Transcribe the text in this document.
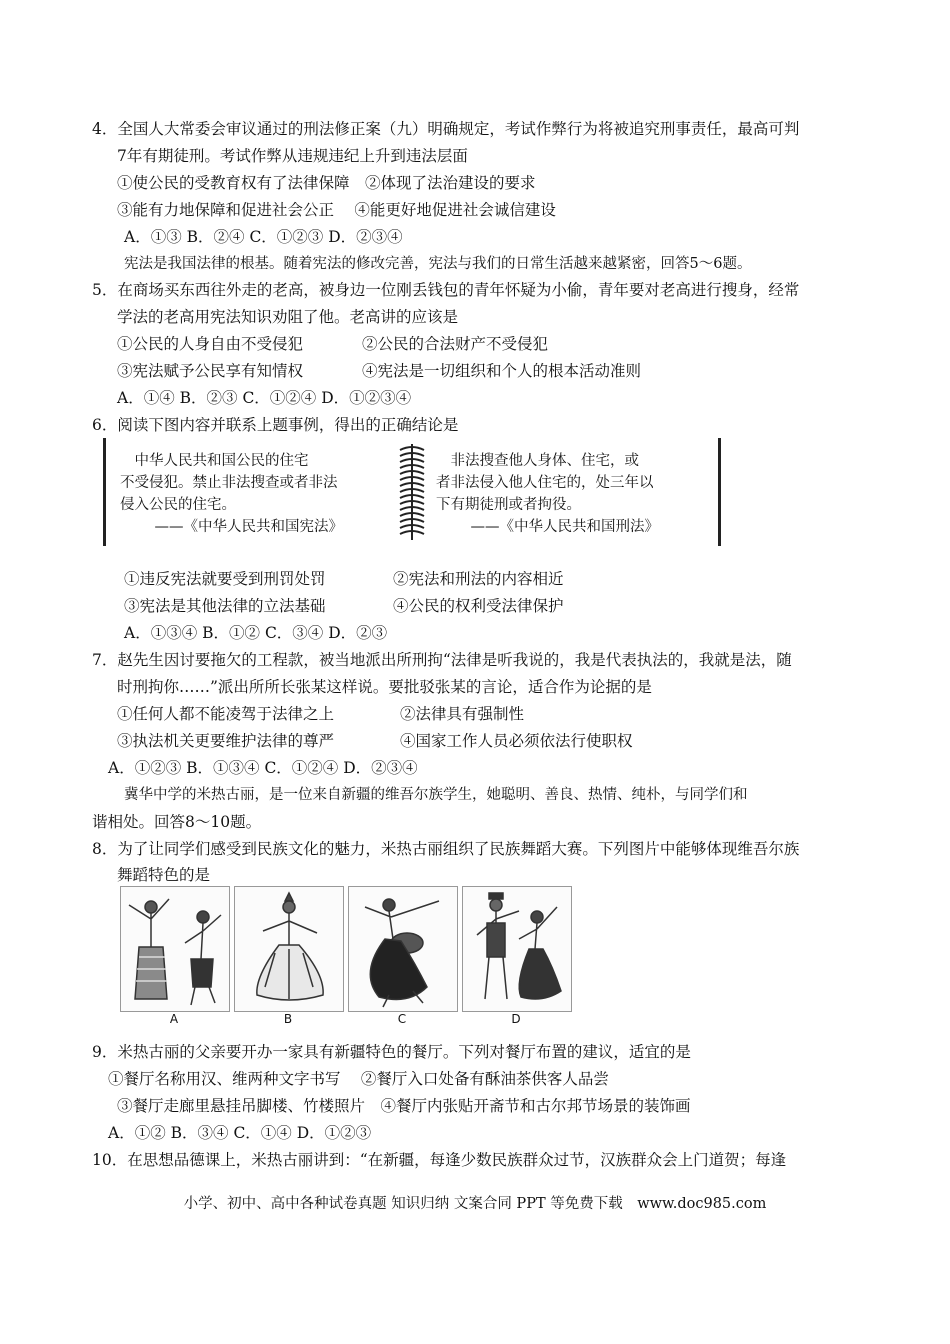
4．全国人大常委会审议通过的刑法修正案（九）明确规定，考试作弊行为将被追究刑事责任，最高可判
7年有期徒刑。考试作弊从违规违纪上升到违法层面
①使公民的受教育权有了法律保障　②体现了法治建设的要求
③能有力地保障和促进社会公正　 ④能更好地促进社会诚信建设
A．①③ B．②④ C．①②③ D．②③④
宪法是我国法律的根基。随着宪法的修改完善，宪法与我们的日常生活越来越紧密，回答5～6题。
5．在商场买东西往外走的老高，被身边一位刚丢钱包的青年怀疑为小偷，青年要对老高进行搜身，经常
学法的老高用宪法知识劝阻了他。老高讲的应该是
①公民的人身自由不受侵犯	②公民的合法财产不受侵犯
③宪法赋予公民享有知情权	④宪法是一切组织和个人的根本活动准则
A．①④ B．②③ C．①②④ D．①②③④
6．阅读下图内容并联系上题事例，得出的正确结论是
　中华人民共和国公民的住宅
不受侵犯。禁止非法搜查或者非法
侵入公民的住宅。
　——《中华人民共和国宪法》
　非法搜查他人身体、住宅，或
者非法侵入他人住宅的，处三年以
下有期徒刑或者拘役。
　——《中华人民共和国刑法》
①违反宪法就要受到刑罚处罚	②宪法和刑法的内容相近
③宪法是其他法律的立法基础	④公民的权利受法律保护
A．①③④ B．①② C．③④ D．②③
7．赵先生因讨要拖欠的工程款，被当地派出所刑拘“法律是听我说的，我是代表执法的，我就是法，随
时刑拘你……”派出所所长张某这样说。要批驳张某的言论，适合作为论据的是
①任何人都不能凌驾于法律之上	②法律具有强制性
③执法机关更要维护法律的尊严	④国家工作人员必须依法行使职权
A．①②③ B．①③④ C．①②④ D．②③④
冀华中学的米热古丽，是一位来自新疆的维吾尔族学生，她聪明、善良、热情、纯朴，与同学们和
谐相处。回答8～10题。
8．为了让同学们感受到民族文化的魅力，米热古丽组织了民族舞蹈大赛。下列图片中能够体现维吾尔族
舞蹈特色的是
A	B	C	D
9．米热古丽的父亲要开办一家具有新疆特色的餐厅。下列对餐厅布置的建议，适宜的是
①餐厅名称用汉、维两种文字书写　 ②餐厅入口处备有酥油茶供客人品尝
③餐厅走廊里悬挂吊脚楼、竹楼照片　④餐厅内张贴开斋节和古尔邦节场景的装饰画
A．①② B．③④ C．①④ D．①②③
10．在思想品德课上，米热古丽讲到：“在新疆，每逢少数民族群众过节，汉族群众会上门道贺；每逢
小学、初中、高中各种试卷真题 知识归纳 文案合同 PPT 等免费下载　www.doc985.com
